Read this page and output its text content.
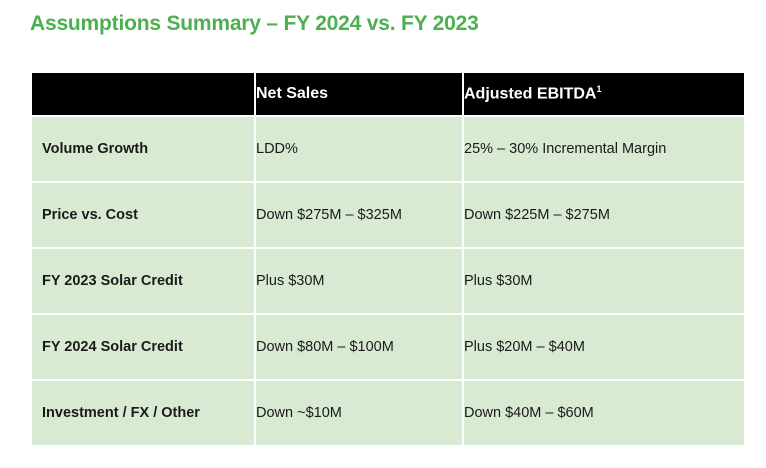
Assumptions Summary – FY 2024 vs. FY 2023
	Net Sales	Adjusted EBITDA$^1$
Volume Growth	LDD%	25% – 30% Incremental Margin
Price vs. Cost	Down $275M – $325M	Down $225M – $275M
FY 2023 Solar Credit	Plus $30M	Plus $30M
FY 2024 Solar Credit	Down $80M – $100M	Plus $20M – $40M
Investment / FX / Other	Down ~$10M	Down $40M – $60M
